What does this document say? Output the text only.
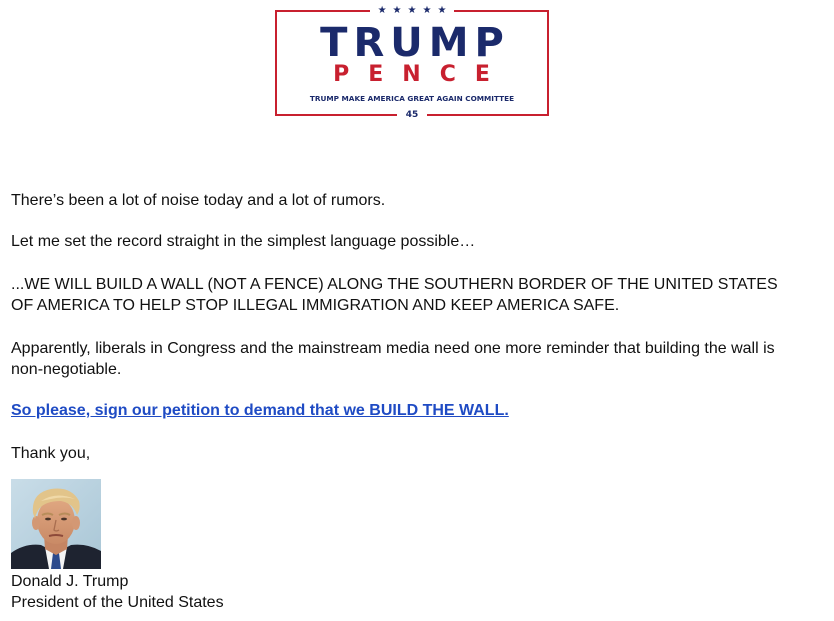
★★★★★
TRUMP
PENCE
TRUMP MAKE AMERICA GREAT AGAIN COMMITTEE
45

There’s been a lot of noise today and a lot of rumors.

Let me set the record straight in the simplest language possible…

...WE WILL BUILD A WALL (NOT A FENCE) ALONG THE SOUTHERN BORDER OF THE UNITED STATES OF AMERICA TO HELP STOP ILLEGAL IMMIGRATION AND KEEP AMERICA SAFE.

Apparently, liberals in Congress and the mainstream media need one more reminder that building the wall is non-negotiable.

So please, sign our petition to demand that we BUILD THE WALL.

Thank you,

Donald J. Trump
President of the United States
